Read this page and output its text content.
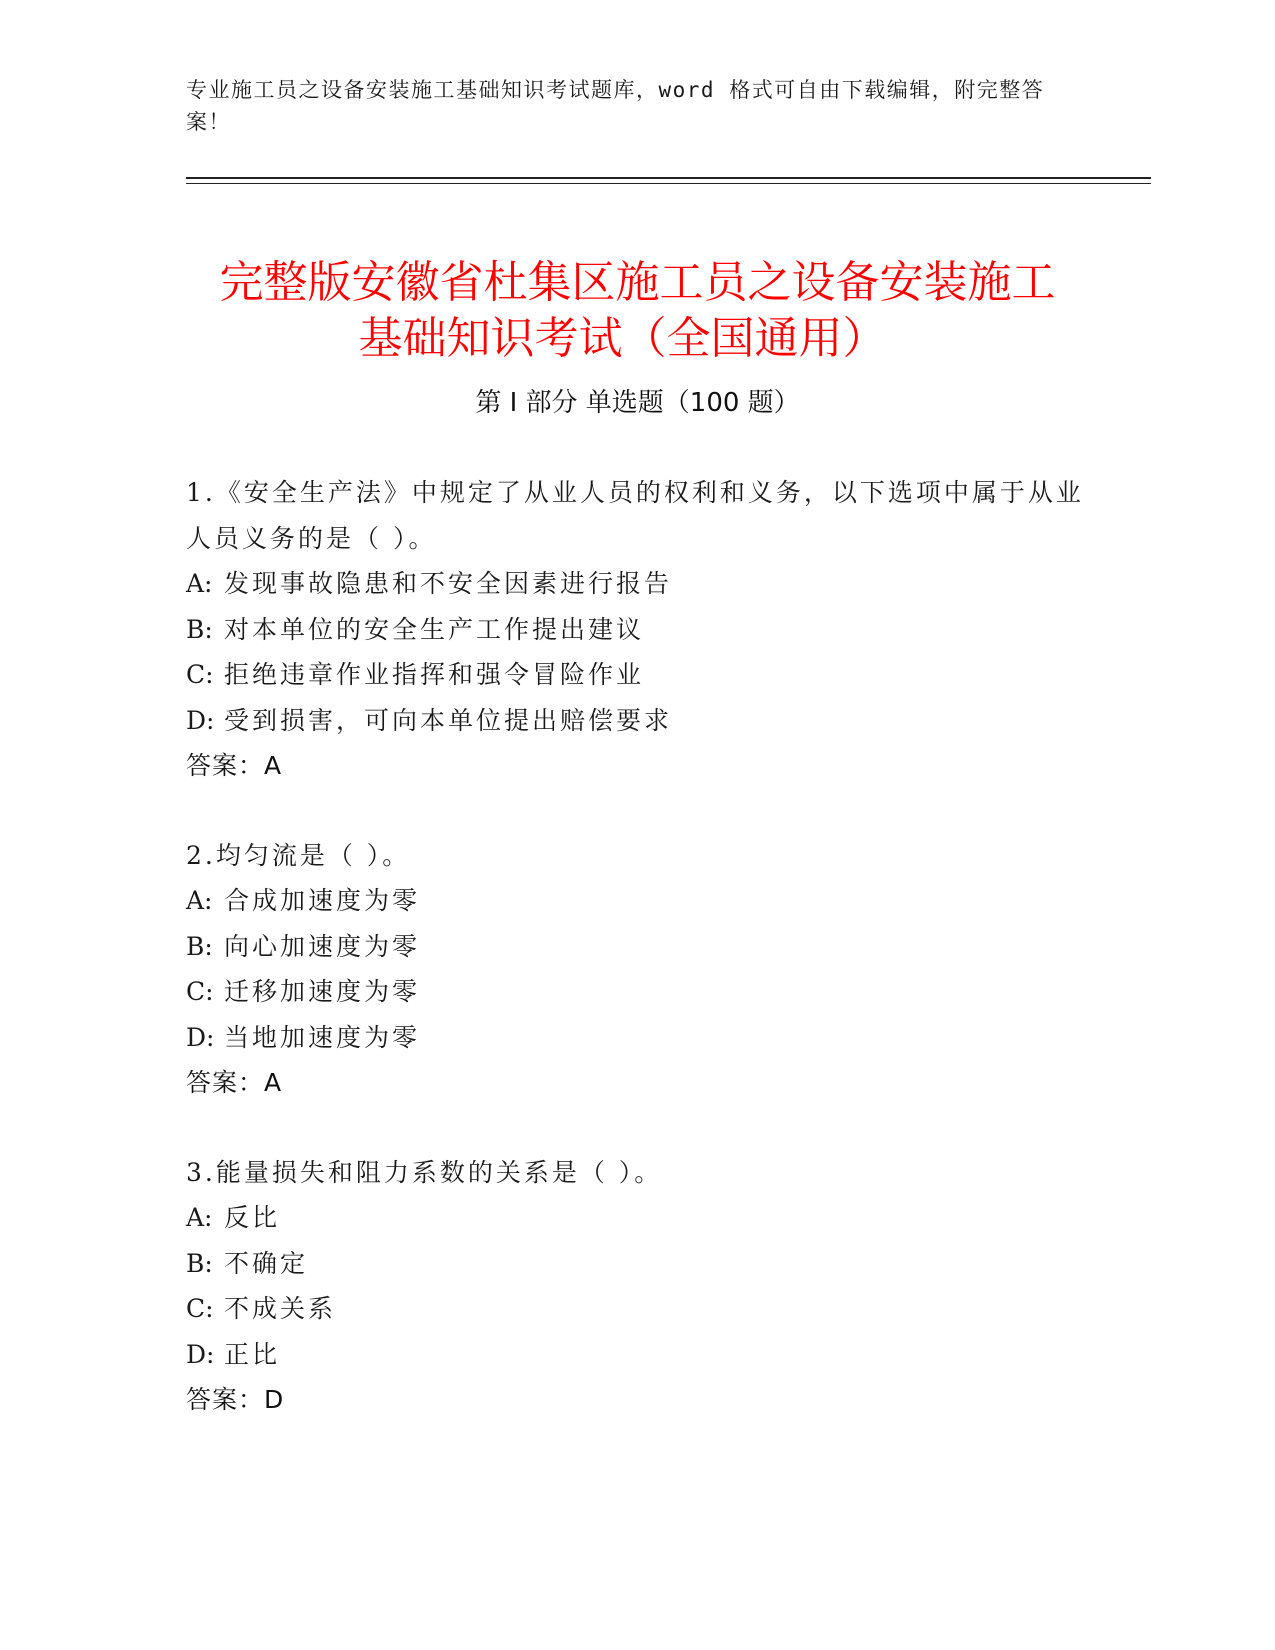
专业施工员之设备安装施工基础知识考试题库，word 格式可自由下载编辑，附完整答案！
完整版安徽省杜集区施工员之设备安装施工
基础知识考试（全国通用）
第 I 部分 单选题（100 题）

1.《安全生产法》中规定了从业人员的权利和义务，以下选项中属于从业人员义务的是（ ）。

A: 发现事故隐患和不安全因素进行报告
B: 对本单位的安全生产工作提出建议
C: 拒绝违章作业指挥和强令冒险作业
D: 受到损害，可向本单位提出赔偿要求
答案：A

2.均匀流是（ ）。

A: 合成加速度为零
B: 向心加速度为零
C: 迁移加速度为零
D: 当地加速度为零
答案：A

3.能量损失和阻力系数的关系是（ ）。

A: 反比
B: 不确定
C: 不成关系
D: 正比
答案：D
